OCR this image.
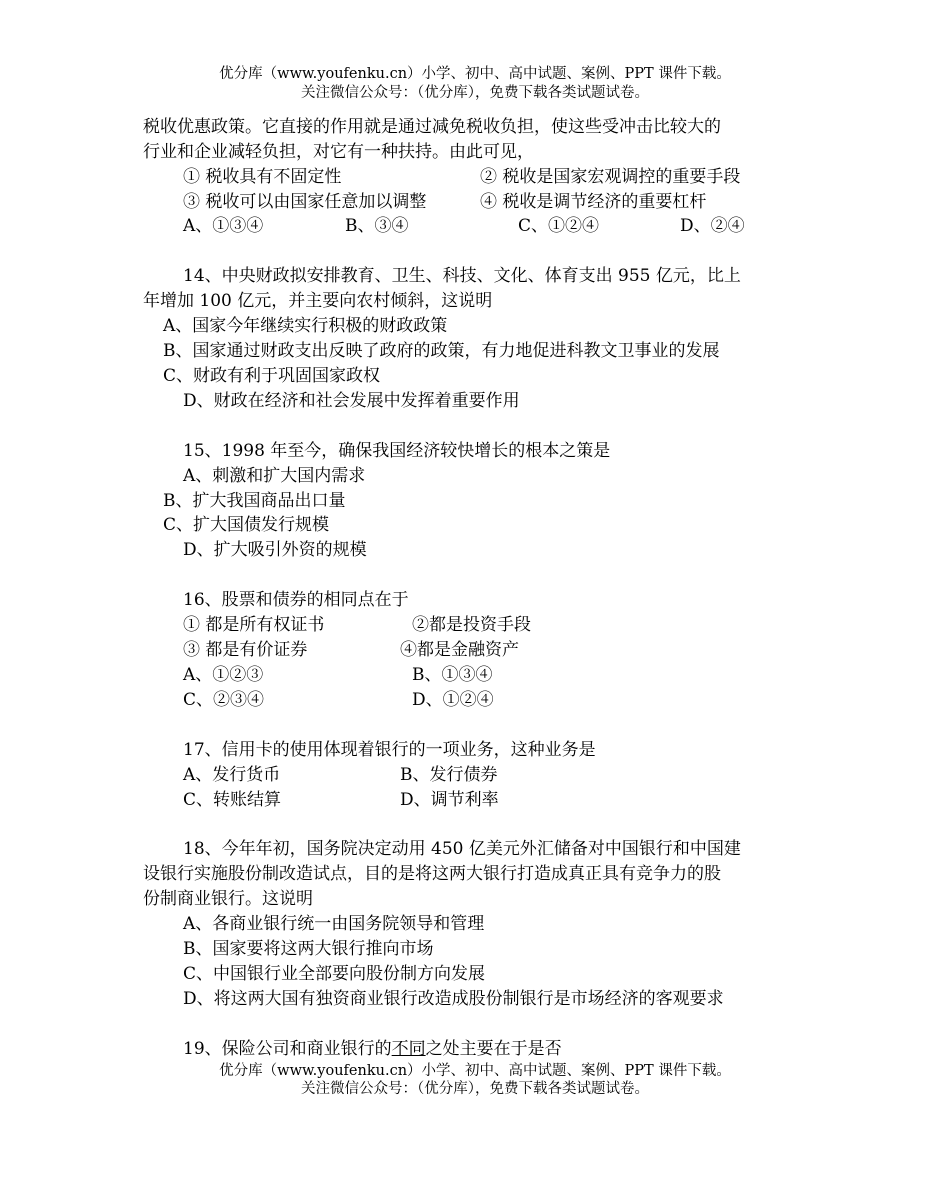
优分库（www.youfenku.cn）小学、初中、高中试题、案例、PPT 课件下载。
关注微信公众号：（优分库），免费下载各类试题试卷。
税收优惠政策。它直接的作用就是通过减免税收负担，使这些受冲击比较大的
行业和企业减轻负担，对它有一种扶持。由此可见，
① 税收具有不固定性	② 税收是国家宏观调控的重要手段
③ 税收可以由国家任意加以调整	④ 税收是调节经济的重要杠杆
A、①③④	B、③④	C、①②④	D、②④
14、中央财政拟安排教育、卫生、科技、文化、体育支出 955 亿元，比上
年增加 100 亿元，并主要向农村倾斜，这说明
A、国家今年继续实行积极的财政政策
B、国家通过财政支出反映了政府的政策，有力地促进科教文卫事业的发展
C、财政有利于巩固国家政权
D、财政在经济和社会发展中发挥着重要作用
15、1998 年至今，确保我国经济较快增长的根本之策是
A、刺激和扩大国内需求
B、扩大我国商品出口量
C、扩大国债发行规模
D、扩大吸引外资的规模
16、股票和债券的相同点在于
① 都是所有权证书	②都是投资手段
③ 都是有价证券	④都是金融资产
A、①②③	B、①③④
C、②③④	D、①②④
17、信用卡的使用体现着银行的一项业务，这种业务是
A、发行货币	B、发行债券
C、转账结算	D、调节利率
18、今年年初，国务院决定动用 450 亿美元外汇储备对中国银行和中国建
设银行实施股份制改造试点，目的是将这两大银行打造成真正具有竞争力的股
份制商业银行。这说明
A、各商业银行统一由国务院领导和管理
B、国家要将这两大银行推向市场
C、中国银行业全部要向股份制方向发展
D、将这两大国有独资商业银行改造成股份制银行是市场经济的客观要求
19、保险公司和商业银行的不同之处主要在于是否
优分库（www.youfenku.cn）小学、初中、高中试题、案例、PPT 课件下载。
关注微信公众号：（优分库），免费下载各类试题试卷。
